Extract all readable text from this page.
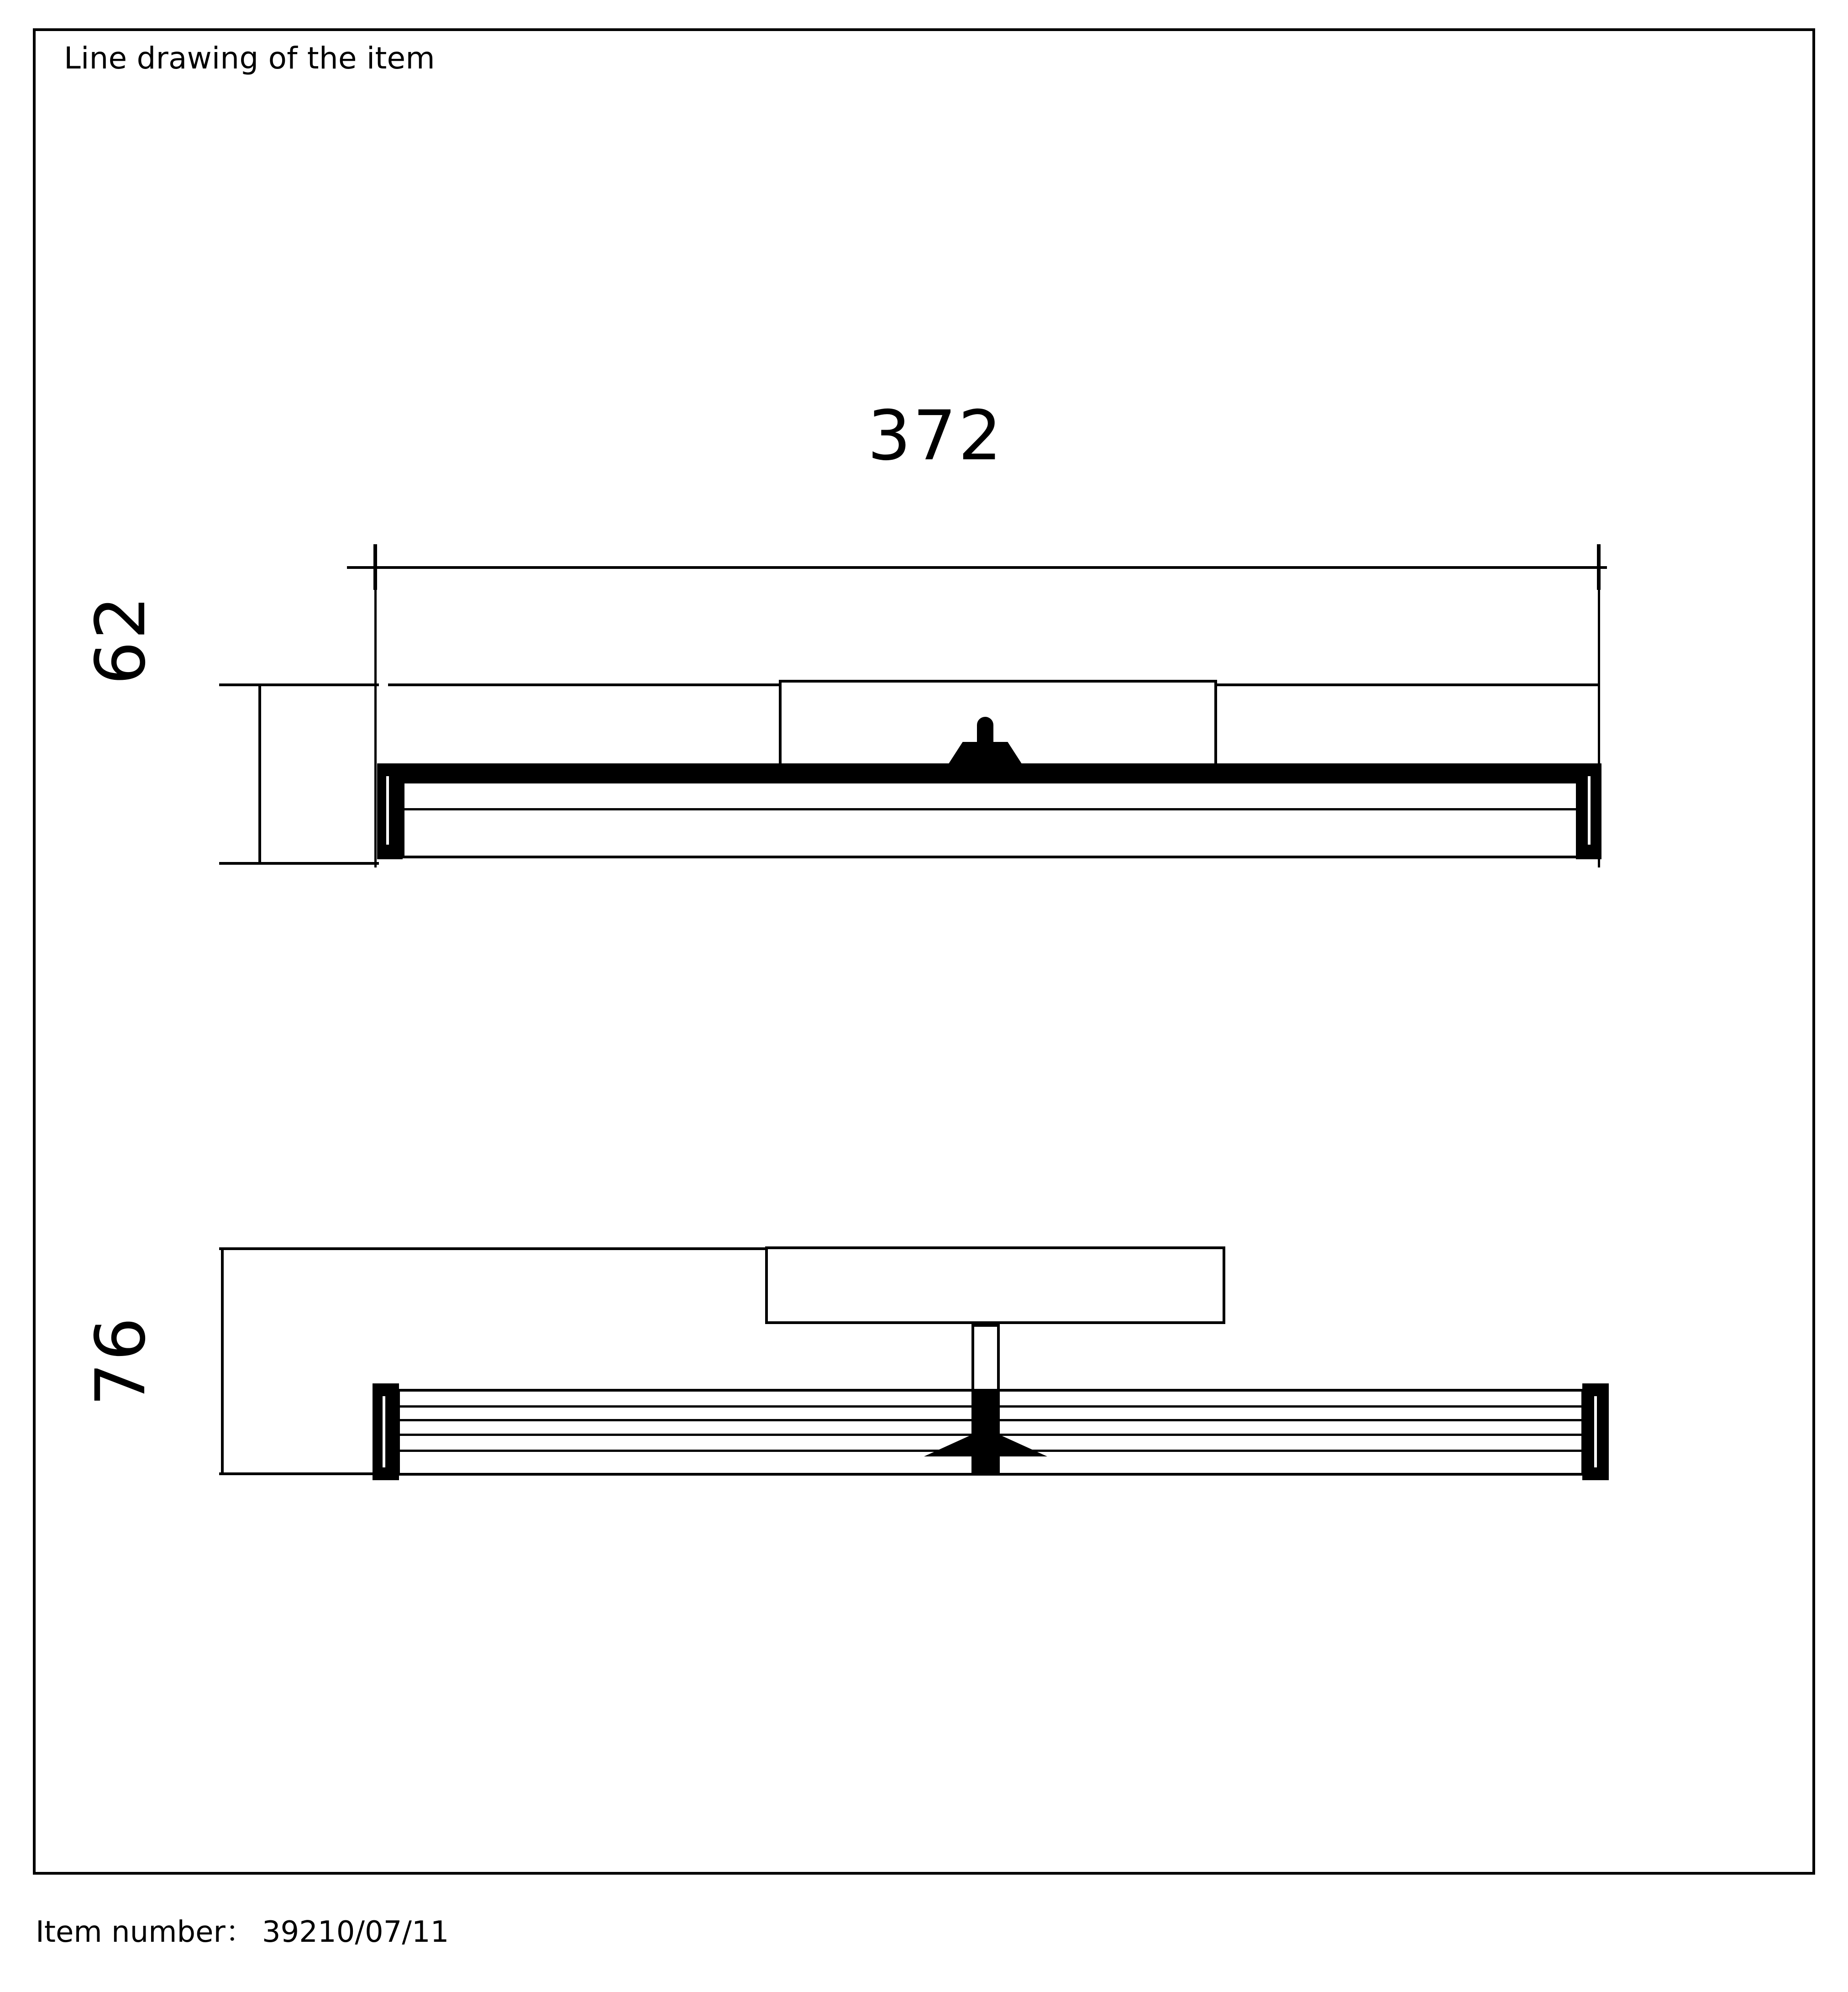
Line drawing of the item
372
62
76
Item number： 39210/07/11
